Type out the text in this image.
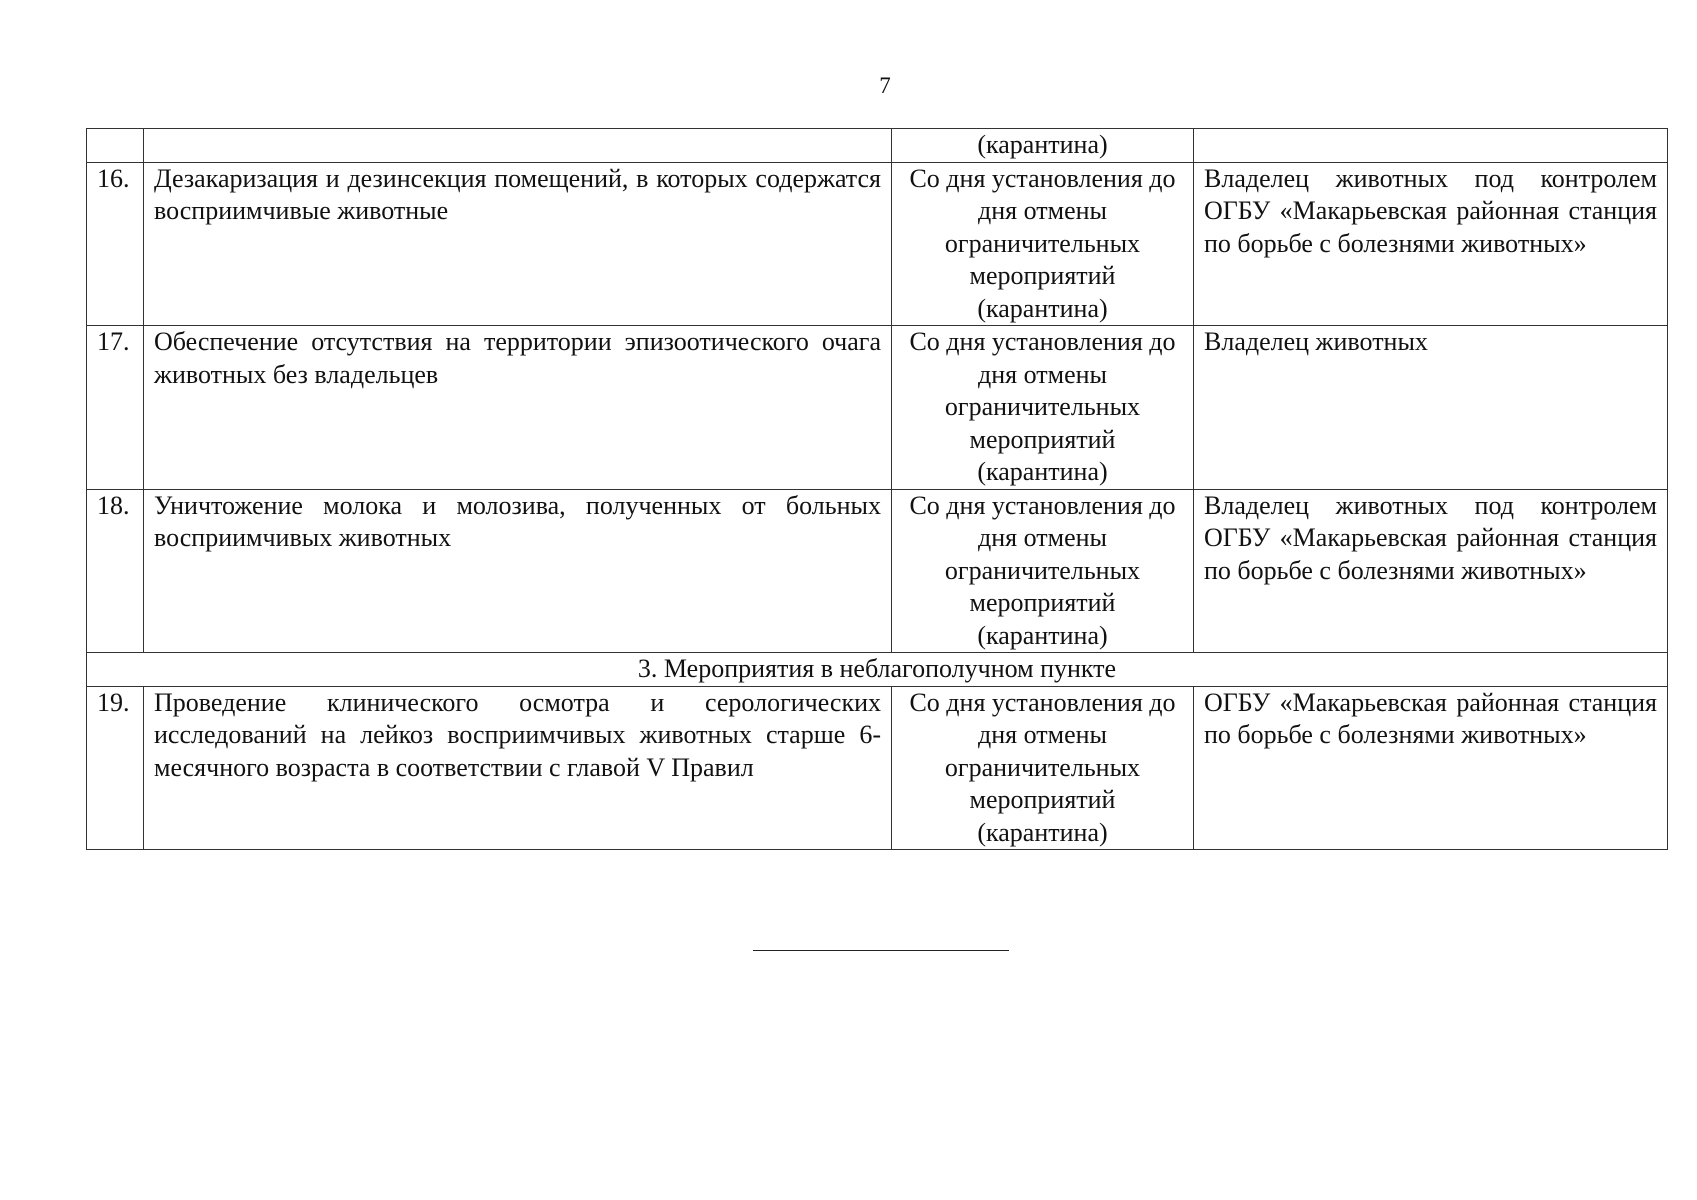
7
		(карантина)	
16.	Дезакаризация и дезинсекция помещений, в которых содержатся восприимчивые животные	Со дня установления до дня отмены ограничительных мероприятий (карантина)	Владелец животных под контролем ОГБУ «Макарьевская районная станция по борьбе с болезнями животных»
17.	Обеспечение отсутствия на территории эпизоотического очага животных без владельцев	Со дня установления до дня отмены ограничительных мероприятий (карантина)	Владелец животных
18.	Уничтожение молока и молозива, полученных от больных восприимчивых животных	Со дня установления до дня отмены ограничительных мероприятий (карантина)	Владелец животных под контролем ОГБУ «Макарьевская районная станция по борьбе с болезнями животных»
3. Мероприятия в неблагополучном пункте			
19.	Проведение клинического осмотра и серологических исследований на лейкоз восприимчивых животных старше 6-месячного возраста в соответствии с главой V Правил	Со дня установления до дня отмены ограничительных мероприятий (карантина)	ОГБУ «Макарьевская районная станция по борьбе с болезнями животных»
